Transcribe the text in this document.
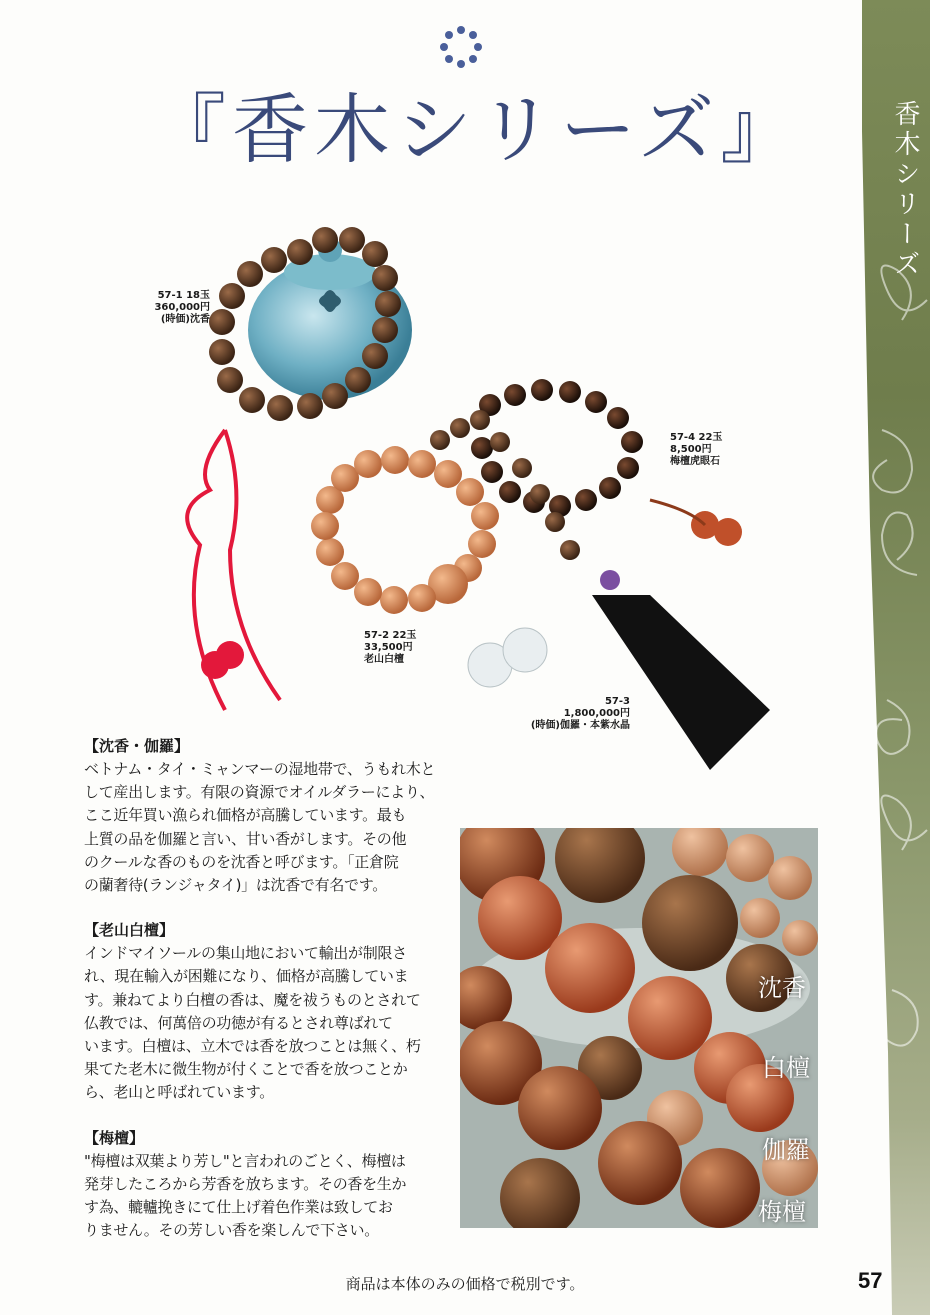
『香木シリーズ』	香木シリーズ
57-1 18玉
360,000円
(時価)沈香
57-4 22玉
8,500円
梅檀虎眼石
57-2 22玉
33,500円
老山白檀
57-3
1,800,000円
(時価)伽羅・本紫水晶
【沈香・伽羅】
ベトナム・タイ・ミャンマーの湿地帯で、うもれ木と
して産出します。有限の資源でオイルダラーにより、
ここ近年買い漁られ価格が高騰しています。最も
上質の品を伽羅と言い、甘い香がします。その他
のクールな香のものを沈香と呼びます。「正倉院
の蘭奢待(ランジャタイ)」は沈香で有名です。
【老山白檀】
インドマイソールの集山地において輸出が制限さ
れ、現在輸入が困難になり、価格が高騰していま
す。兼ねてより白檀の香は、魔を祓うものとされて
仏教では、何萬倍の功徳が有るとされ尊ばれて
います。白檀は、立木では香を放つことは無く、朽
果てた老木に微生物が付くことで香を放つことか
ら、老山と呼ばれています。
【梅檀】
"梅檀は双葉より芳し"と言われのごとく、梅檀は
発芽したころから芳香を放ちます。その香を生か
す為、轆轤挽きにて仕上げ着色作業は致してお
りません。その芳しい香を楽しんで下さい。
沈香
白檀
伽羅
梅檀
商品は本体のみの価格で税別です。	57
